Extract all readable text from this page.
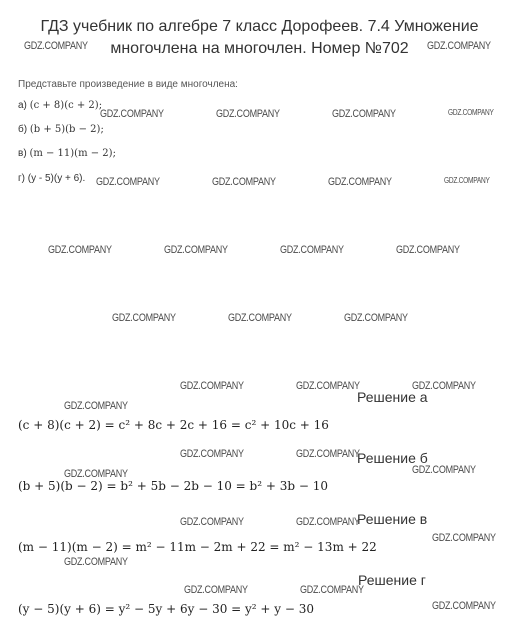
ГДЗ учебник по алгебре 7 класс Дорофеев. 7.4 Умножение
многочлена на многочлен. Номер №702
Представьте произведение в виде многочлена:
а) (c + 8)(c + 2);
б) (b + 5)(b − 2);
в) (m − 11)(m − 2);
г) (y - 5)(y + 6).
Решение а
(c + 8)(c + 2) = c² + 8c + 2c + 16 = c² + 10c + 16
Решение б
(b + 5)(b − 2) = b² + 5b − 2b − 10 = b² + 3b − 10
Решение в
(m − 11)(m − 2) = m² − 11m − 2m + 22 = m² − 13m + 22
Решение г
(y − 5)(y + 6) = y² − 5y + 6y − 30 = y² + y − 30
GDZ.COMPANY	GDZ.COMPANY
GDZ.COMPANY	GDZ.COMPANY	GDZ.COMPANY	GDZ.COMPANY
GDZ.COMPANY	GDZ.COMPANY	GDZ.COMPANY	GDZ.COMPANY
GDZ.COMPANY	GDZ.COMPANY	GDZ.COMPANY	GDZ.COMPANY
GDZ.COMPANY	GDZ.COMPANY	GDZ.COMPANY
GDZ.COMPANY	GDZ.COMPANY	GDZ.COMPANY
GDZ.COMPANY
GDZ.COMPANY	GDZ.COMPANY
GDZ.COMPANY
GDZ.COMPANY
GDZ.COMPANY	GDZ.COMPANY
GDZ.COMPANY
GDZ.COMPANY
GDZ.COMPANY	GDZ.COMPANY
GDZ.COMPANY
